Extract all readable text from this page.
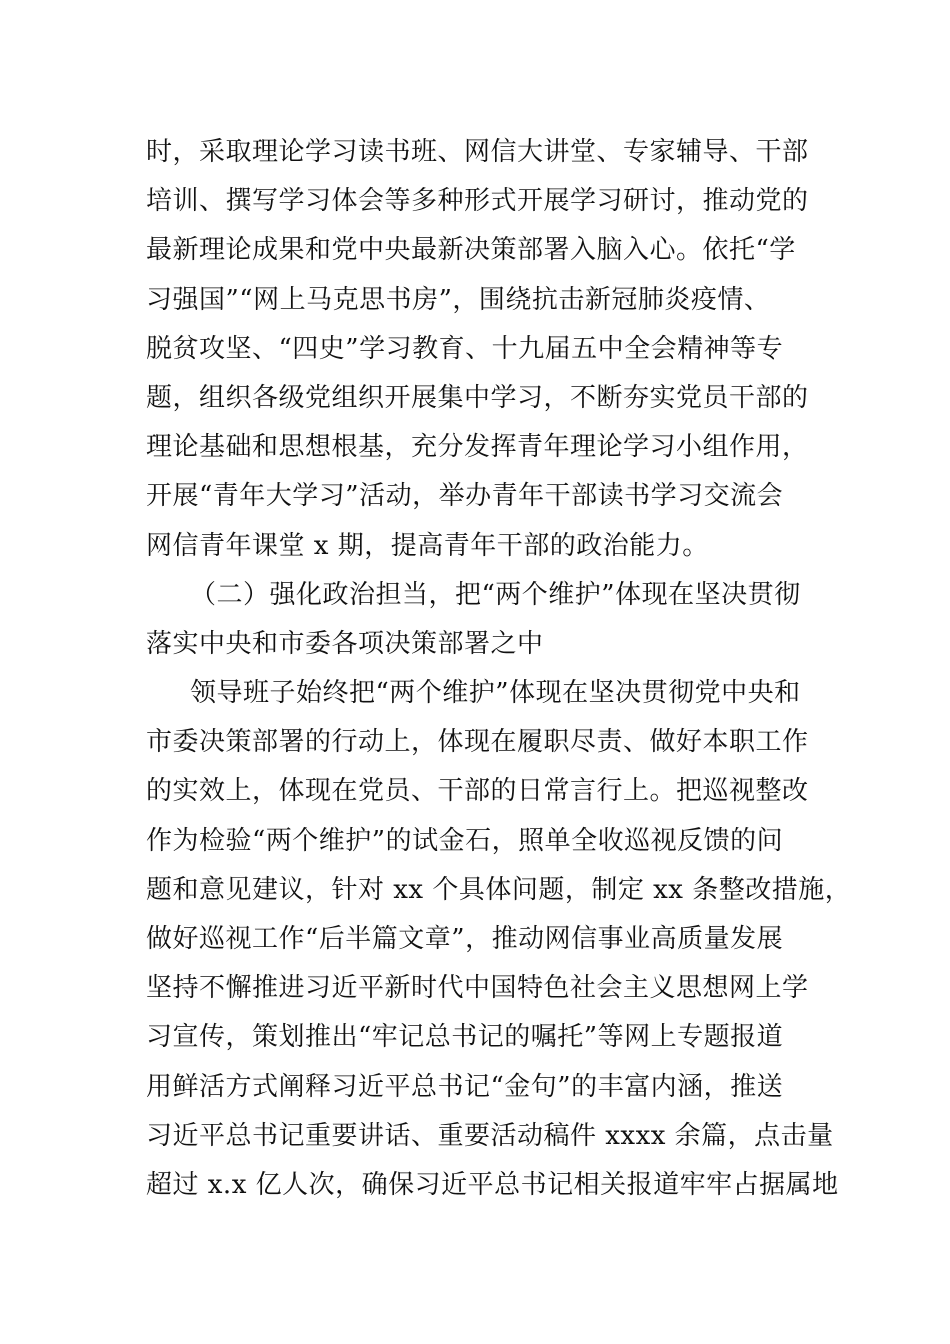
时，采取理论学习读书班、网信大讲堂、专家辅导、干部
培训、撰写学习体会等多种形式开展学习研讨，推动党的
最新理论成果和党中央最新决策部署入脑入心。依托“学
习强国”“网上马克思书房”，围绕抗击新冠肺炎疫情、
脱贫攻坚、“四史”学习教育、十九届五中全会精神等专
题，组织各级党组织开展集中学习，不断夯实党员干部的
理论基础和思想根基，充分发挥青年理论学习小组作用，
开展“青年大学习”活动，举办青年干部读书学习交流会
网信青年课堂 x 期，提高青年干部的政治能力。
（二）强化政治担当，把“两个维护”体现在坚决贯彻
落实中央和市委各项决策部署之中
领导班子始终把“两个维护”体现在坚决贯彻党中央和
市委决策部署的行动上，体现在履职尽责、做好本职工作
的实效上，体现在党员、干部的日常言行上。把巡视整改
作为检验“两个维护”的试金石，照单全收巡视反馈的问
题和意见建议，针对 xx 个具体问题，制定 xx 条整改措施，
做好巡视工作“后半篇文章”，推动网信事业高质量发展
坚持不懈推进习近平新时代中国特色社会主义思想网上学
习宣传，策划推出“牢记总书记的嘱托”等网上专题报道
用鲜活方式阐释习近平总书记“金句”的丰富内涵，推送
习近平总书记重要讲话、重要活动稿件 xxxx 余篇，点击量
超过 x.x 亿人次，确保习近平总书记相关报道牢牢占据属地
